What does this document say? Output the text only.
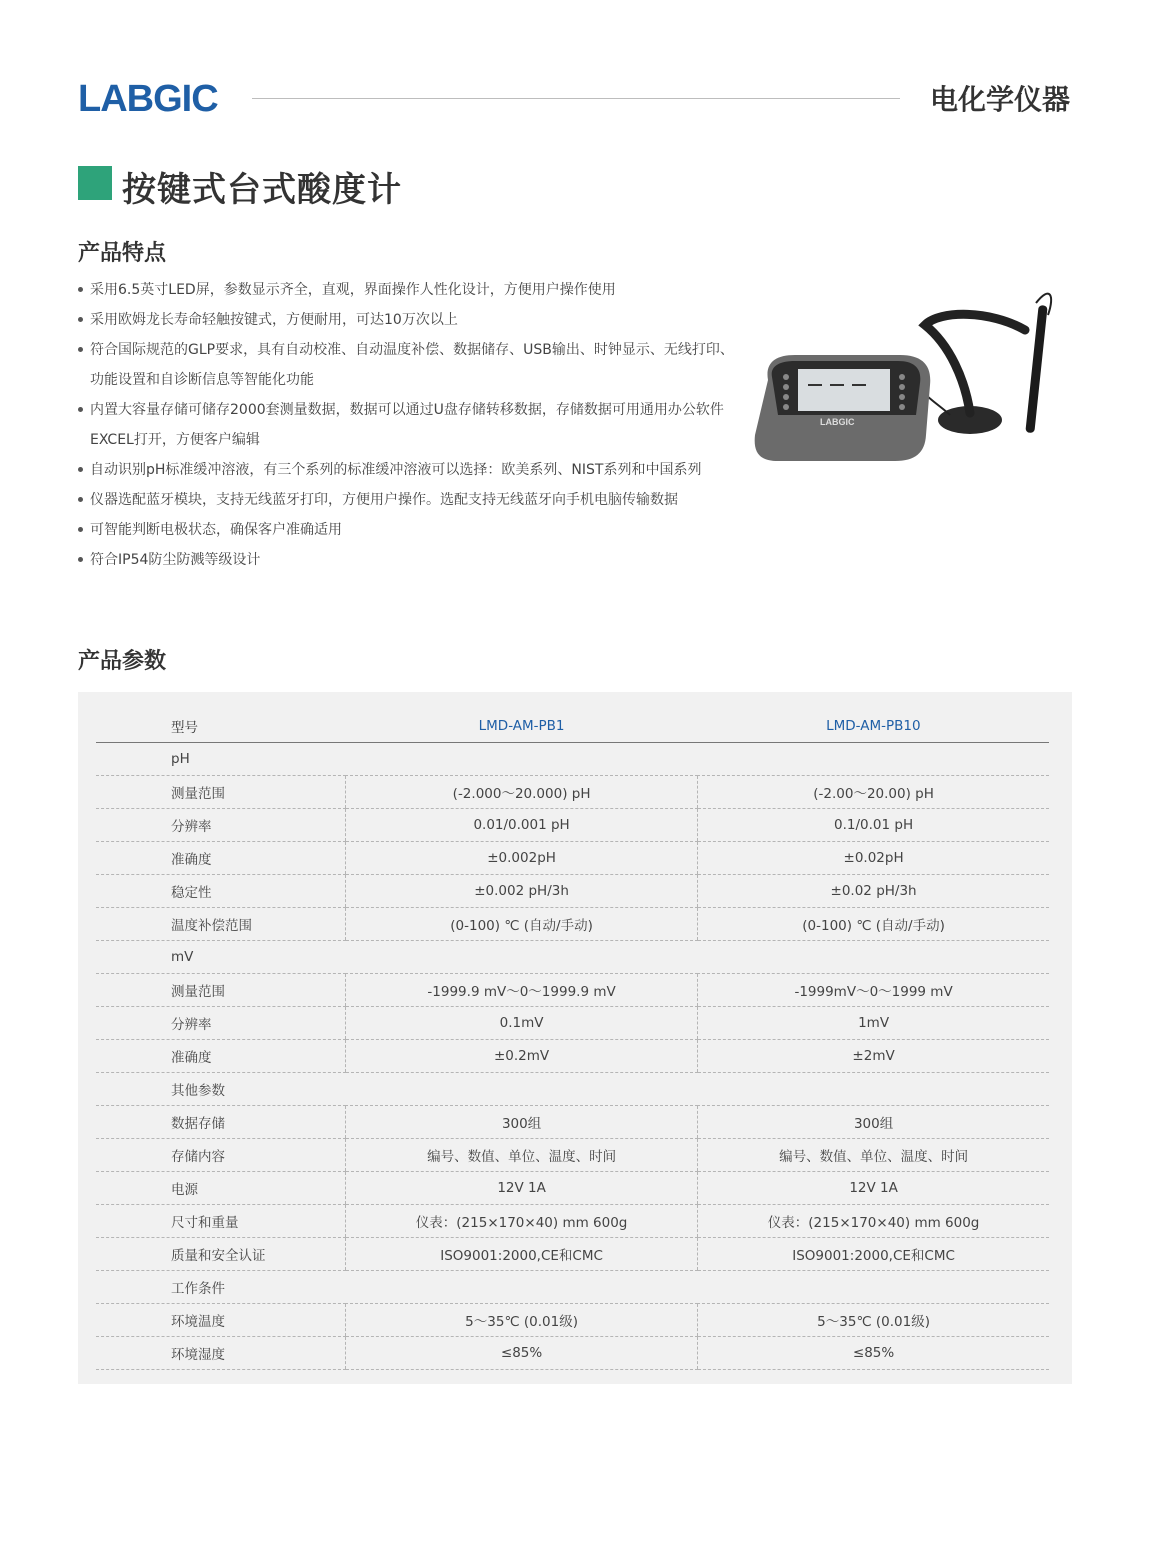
LABGIC	电化学仪器
按键式台式酸度计
产品特点
采用6.5英寸LED屏，参数显示齐全，直观，界面操作人性化设计，方便用户操作使用
采用欧姆龙长寿命轻触按键式，方便耐用，可达10万次以上
符合国际规范的GLP要求，具有自动校准、自动温度补偿、数据储存、USB输出、时钟显示、无线打印、功能设置和自诊断信息等智能化功能
内置大容量存储可储存2000套测量数据，数据可以通过U盘存储转移数据，存储数据可用通用办公软件EXCEL打开，方便客户编辑
自动识别pH标准缓冲溶液，有三个系列的标准缓冲溶液可以选择：欧美系列、NIST系列和中国系列
仪器选配蓝牙模块，支持无线蓝牙打印，方便用户操作。选配支持无线蓝牙向手机电脑传输数据
可智能判断电极状态，确保客户准确适用
符合IP54防尘防溅等级设计
LABGIC
产品参数
型号	LMD-AM-PB1	LMD-AM-PB10
pH		
测量范围	(-2.000～20.000) pH	(-2.00～20.00) pH
分辨率	0.01/0.001 pH	0.1/0.01 pH
准确度	±0.002pH	±0.02pH
稳定性	±0.002 pH/3h	±0.02 pH/3h
温度补偿范围	(0-100) ℃ (自动/手动)	(0-100) ℃ (自动/手动)
mV		
测量范围	-1999.9 mV～0～1999.9 mV	-1999mV～0～1999 mV
分辨率	0.1mV	1mV
准确度	±0.2mV	±2mV
其他参数		
数据存储	300组	300组
存储内容	编号、数值、单位、温度、时间	编号、数值、单位、温度、时间
电源	12V 1A	12V 1A
尺寸和重量	仪表：(215×170×40) mm 600g	仪表：(215×170×40) mm 600g
质量和安全认证	ISO9001:2000,CE和CMC	ISO9001:2000,CE和CMC
工作条件		
环境温度	5～35℃ (0.01级)	5～35℃ (0.01级)
环境湿度	≤85%	≤85%
